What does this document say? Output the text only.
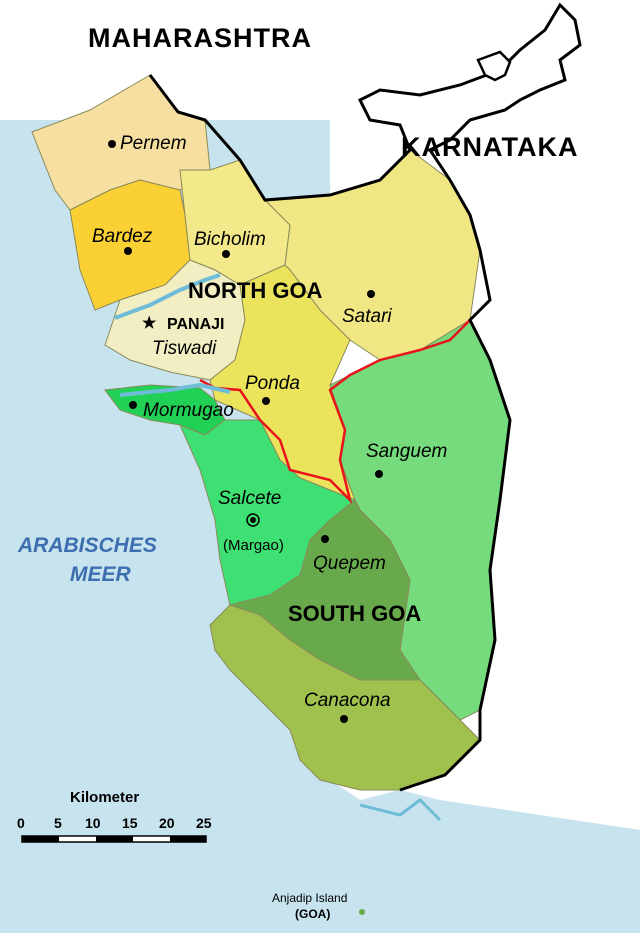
MAHARASHTRA
KARNATAKA
NORTH GOA
SOUTH GOA
Pernem
Bardez Bicholim
Satari
★ PANAJI
Tiswadi
Ponda
Mormugao
Sanguem
Salcete
(Margao)
Quepem
Canacona
ARABISCHES
MEER
Anjadip Island
(GOA)
Kilometer
0 5 10 15 20 25
